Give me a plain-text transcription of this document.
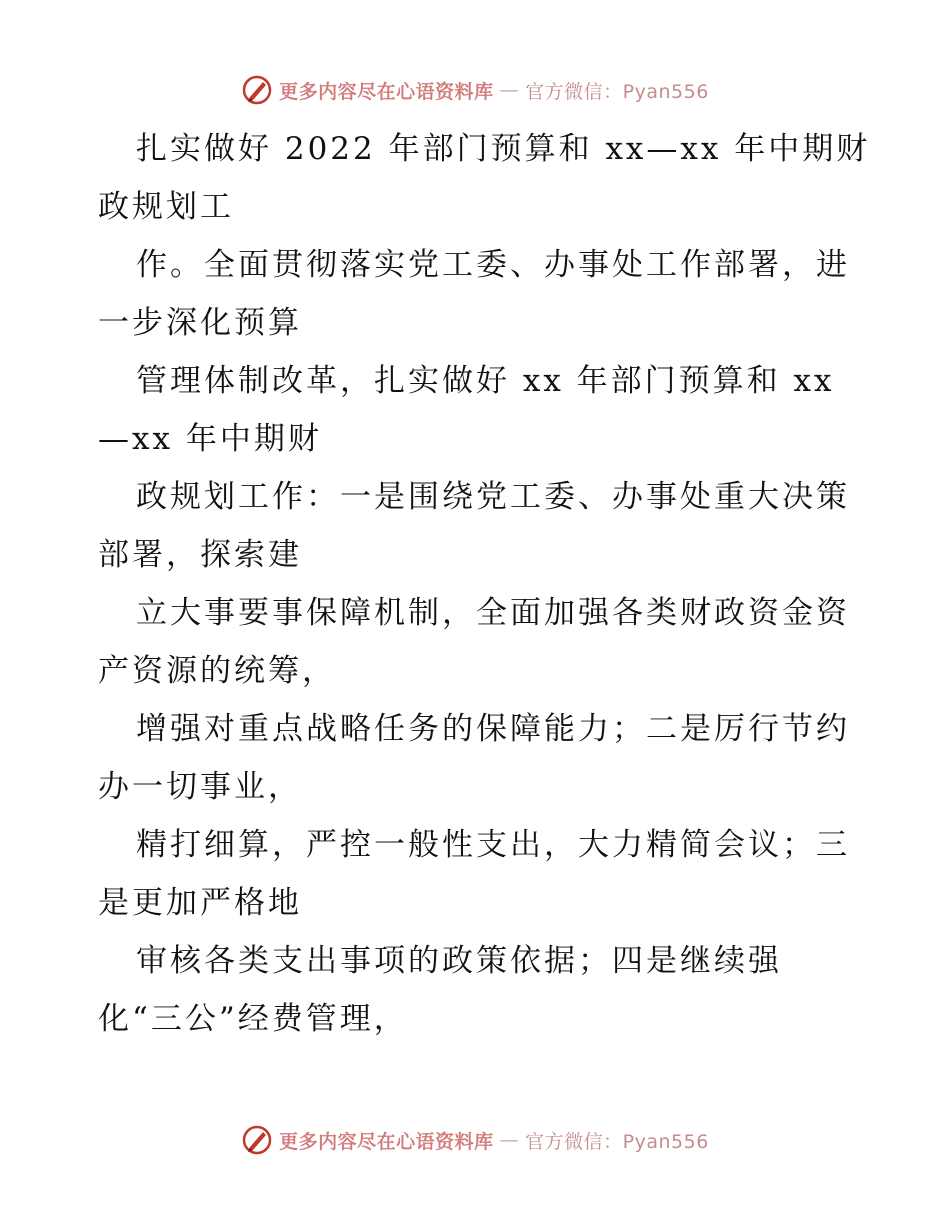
更多内容尽在心语资料库 — 官方微信：Pyan556
扎实做好 2022 年部门预算和 xx—xx 年中期财
政规划工
作。全面贯彻落实党工委、办事处工作部署，进
一步深化预算
管理体制改革，扎实做好 xx 年部门预算和 xx
—xx 年中期财
政规划工作：一是围绕党工委、办事处重大决策
部署，探索建
立大事要事保障机制，全面加强各类财政资金资
产资源的统筹，
增强对重点战略任务的保障能力；二是厉行节约
办一切事业，
精打细算，严控一般性支出，大力精简会议；三
是更加严格地
审核各类支出事项的政策依据；四是继续强
化“三公”经费管理，
更多内容尽在心语资料库 — 官方微信：Pyan556
